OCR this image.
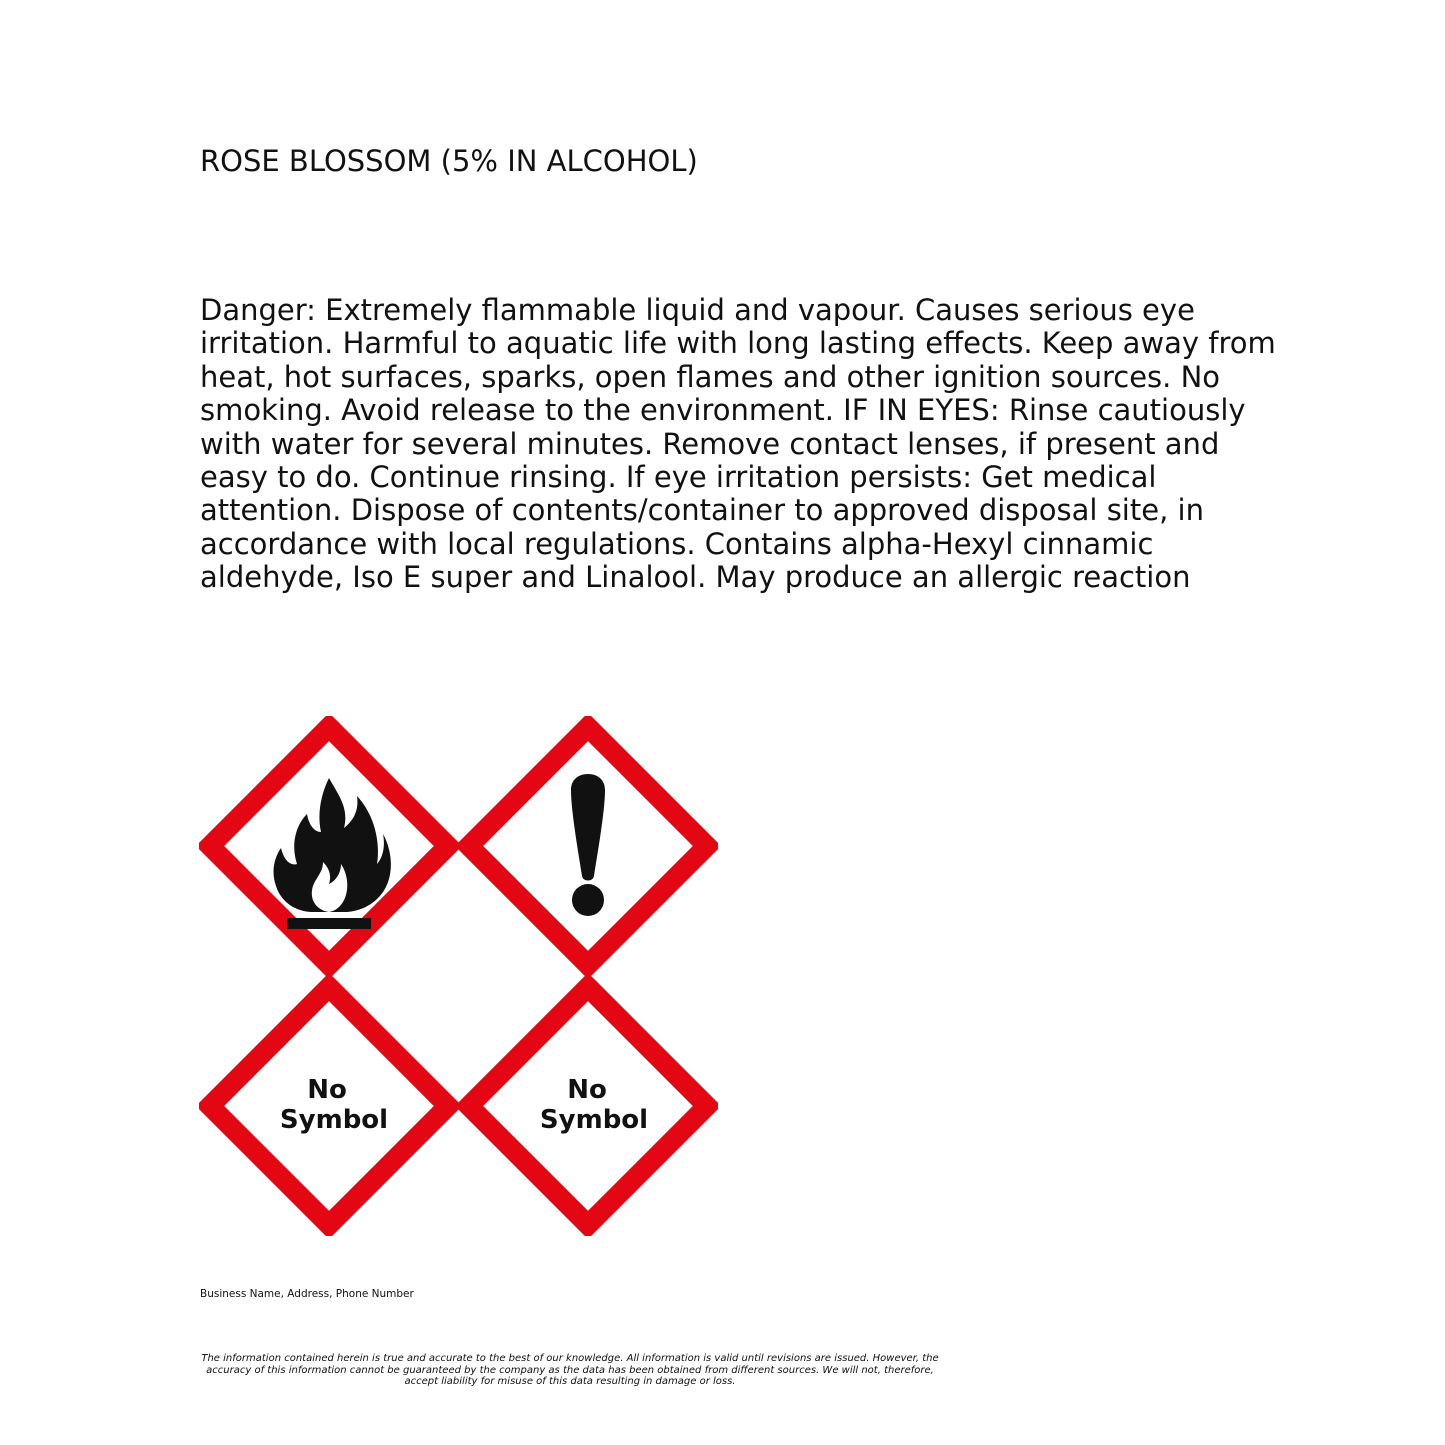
ROSE BLOSSOM (5% IN ALCOHOL)

Danger: Extremely flammable liquid and vapour. Causes serious eye irritation. Harmful to aquatic life with long lasting effects. Keep away from heat, hot surfaces, sparks, open flames and other ignition sources. No

smoking. Avoid release to the environment. IF IN EYES: Rinse cautiously with water for several minutes. Remove contact lenses, if present and easy to do. Continue rinsing. If eye irritation persists: Get medical attention. Dispose of contents/container to approved disposal site, in accordance with local regulations. Contains alpha-Hexyl cinnamic aldehyde, Iso E super and Linalool. May produce an allergic reaction

No
Symbol
No
Symbol
Business Name, Address, Phone Number
The information contained herein is true and accurate to the best of our knowledge. All information is valid until revisions are issued. However, the accuracy of this information cannot be guaranteed by the company as the data has been obtained from different sources. We will not, therefore, accept liability for misuse of this data resulting in damage or loss.
